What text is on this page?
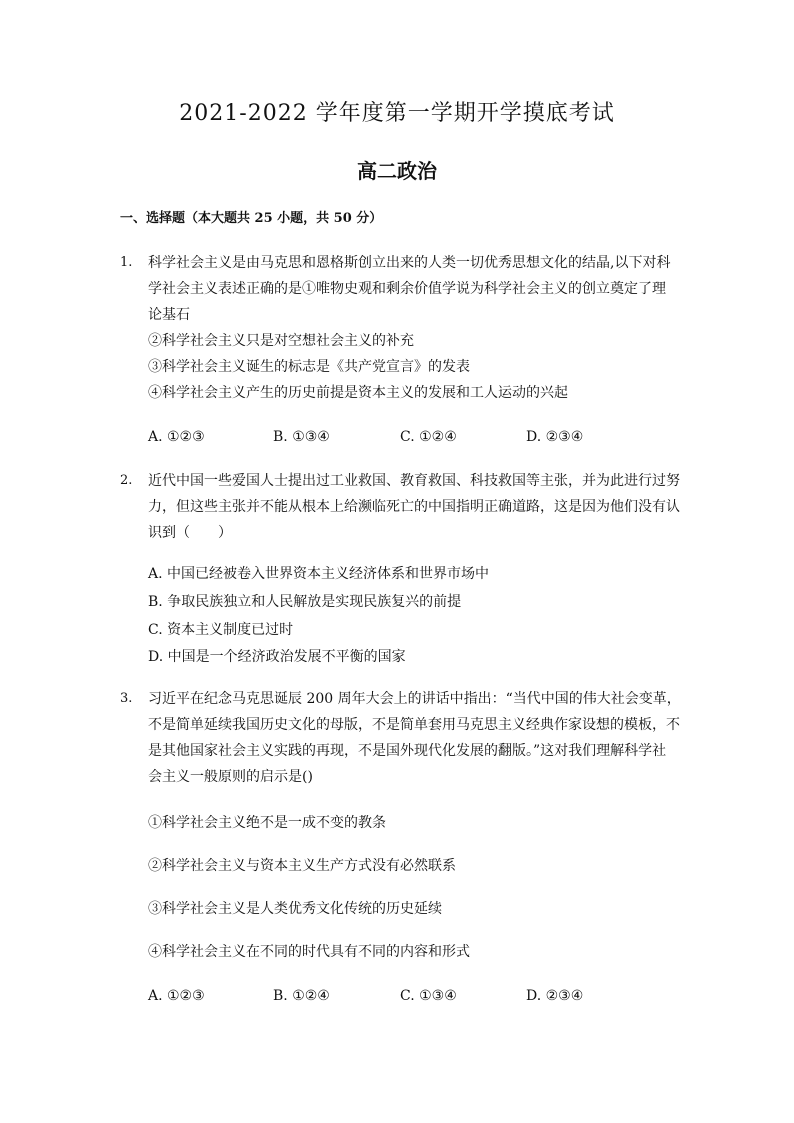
2021-2022 学年度第一学期开学摸底考试
高二政治
一、选择题（本大题共 25 小题，共 50 分）
1.	科学社会主义是由马克思和恩格斯创立出来的人类一切优秀思想文化的结晶,以下对科
学社会主义表述正确的是①唯物史观和剩余价值学说为科学社会主义的创立奠定了理
论基石
②科学社会主义只是对空想社会主义的补充
③科学社会主义诞生的标志是《共产党宣言》的发表
④科学社会主义产生的历史前提是资本主义的发展和工人运动的兴起
A. ①②③	B. ①③④	C. ①②④	D. ②③④
2.	近代中国一些爱国人士提出过工业救国、教育救国、科技救国等主张，并为此进行过努
力，但这些主张并不能从根本上给濒临死亡的中国指明正确道路，这是因为他们没有认
识到（　　）
A. 中国已经被卷入世界资本主义经济体系和世界市场中
B. 争取民族独立和人民解放是实现民族复兴的前提
C. 资本主义制度已过时
D. 中国是一个经济政治发展不平衡的国家
3.	习近平在纪念马克思诞辰 200 周年大会上的讲话中指出：“当代中国的伟大社会变革，
不是简单延续我国历史文化的母版，不是简单套用马克思主义经典作家设想的模板，不
是其他国家社会主义实践的再现，不是国外现代化发展的翻版。”这对我们理解科学社
会主义一般原则的启示是()
①科学社会主义绝不是一成不变的教条
②科学社会主义与资本主义生产方式没有必然联系
③科学社会主义是人类优秀文化传统的历史延续
④科学社会主义在不同的时代具有不同的内容和形式
A. ①②③	B. ①②④	C. ①③④	D. ②③④
